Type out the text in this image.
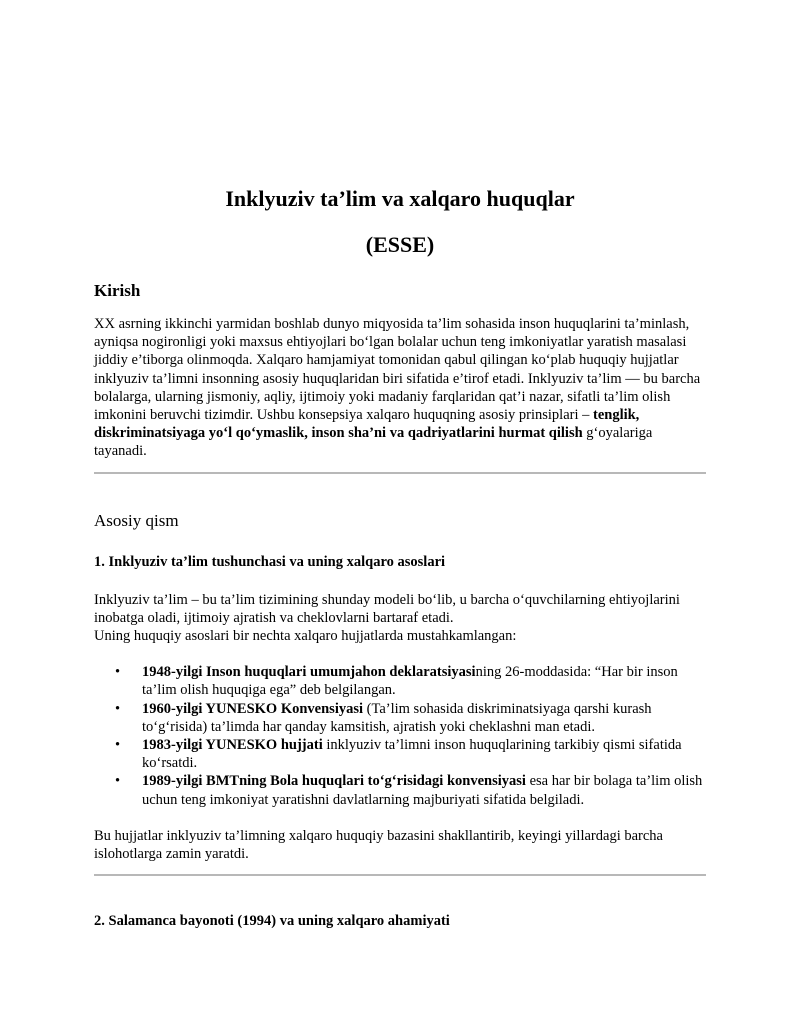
Inklyuziv ta’lim va xalqaro huquqlar
(ESSE)
Kirish

XX asrning ikkinchi yarmidan boshlab dunyo miqyosida ta’lim sohasida inson huquqlarini ta’minlash, ayniqsa nogironligi yoki maxsus ehtiyojlari bo‘lgan bolalar uchun teng imkoniyatlar yaratish masalasi jiddiy e’tiborga olinmoqda. Xalqaro hamjamiyat tomonidan qabul qilingan ko‘plab huquqiy hujjatlar inklyuziv ta’limni insonning asosiy huquqlaridan biri sifatida e’tirof etadi. Inklyuziv ta’lim — bu barcha bolalarga, ularning jismoniy, aqliy, ijtimoiy yoki madaniy farqlaridan qat’i nazar, sifatli ta’lim olish imkonini beruvchi tizimdir. Ushbu konsepsiya xalqaro huquqning asosiy prinsiplari – tenglik, diskriminatsiyaga yo‘l qo‘ymaslik, inson sha’ni va qadriyatlarini hurmat qilish g‘oyalariga tayanadi.

Asosiy qism
1. Inklyuziv ta’lim tushunchasi va uning xalqaro asoslari

Inklyuziv ta’lim – bu ta’lim tizimining shunday modeli bo‘lib, u barcha o‘quvchilarning ehtiyojlarini inobatga oladi, ijtimoiy ajratish va cheklovlarni bartaraf etadi.
Uning huquqiy asoslari bir nechta xalqaro hujjatlarda mustahkamlangan:

• 1948-yilgi Inson huquqlari umumjahon deklaratsiyasining 26-moddasida: “Har bir inson ta’lim olish huquqiga ega” deb belgilangan.
• 1960-yilgi YUNESKO Konvensiyasi (Ta’lim sohasida diskriminatsiyaga qarshi kurash to‘g‘risida) ta’limda har qanday kamsitish, ajratish yoki cheklashni man etadi.
• 1983-yilgi YUNESKO hujjati inklyuziv ta’limni inson huquqlarining tarkibiy qismi sifatida ko‘rsatdi.
• 1989-yilgi BMTning Bola huquqlari to‘g‘risidagi konvensiyasi esa har bir bolaga ta’lim olish uchun teng imkoniyat yaratishni davlatlarning majburiyati sifatida belgiladi.

Bu hujjatlar inklyuziv ta’limning xalqaro huquqiy bazasini shakllantirib, keyingi yillardagi barcha islohotlarga zamin yaratdi.

2. Salamanca bayonoti (1994) va uning xalqaro ahamiyati
